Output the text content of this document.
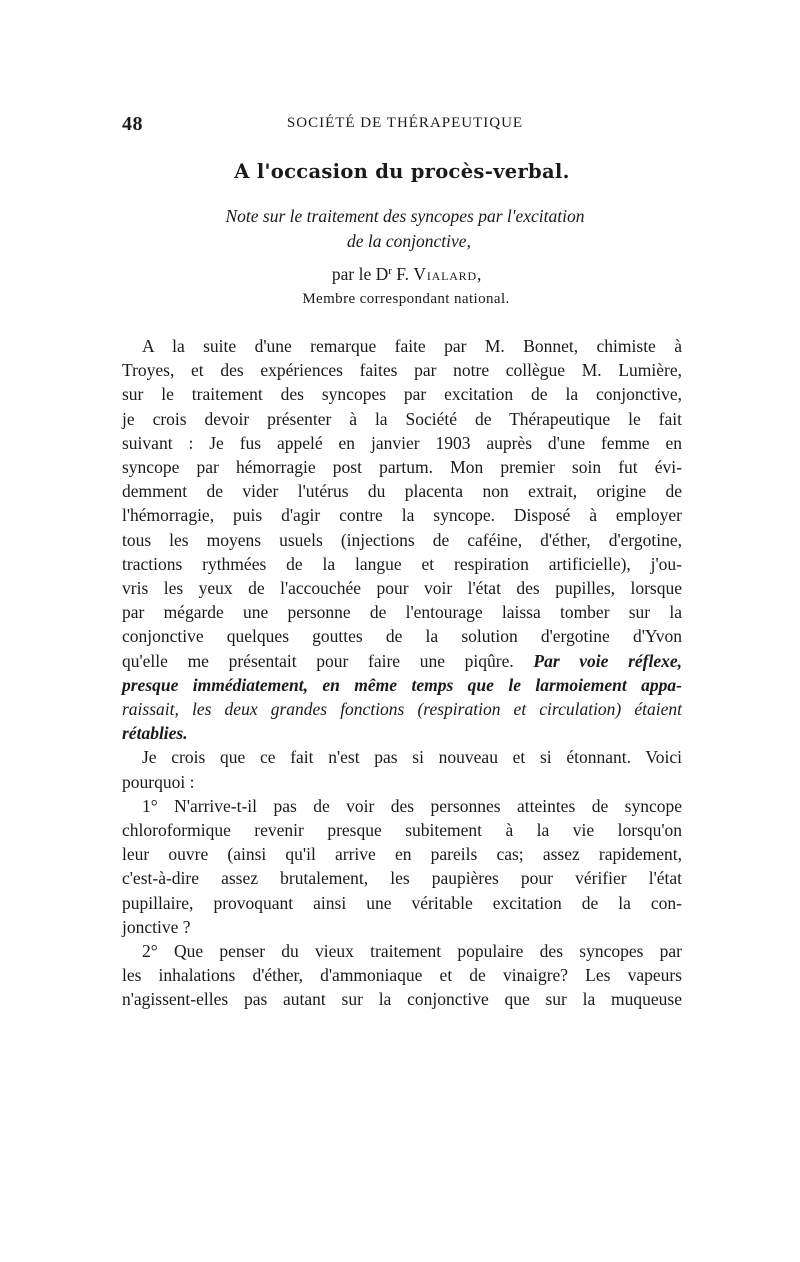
48	SOCIÉTÉ DE THÉRAPEUTIQUE
A l'occasion du procès-verbal.
Note sur le traitement des syncopes par l'excitation
de la conjonctive,
par le $D^r$ F. Vialard,
Membre correspondant national.
A la suite d'une remarque faite par M. Bonnet, chimiste à
Troyes, et des expériences faites par notre collègue M. Lumière,
sur le traitement des syncopes par excitation de la conjonctive,
je crois devoir présenter à la Société de Thérapeutique le fait
suivant : Je fus appelé en janvier 1903 auprès d'une femme en
syncope par hémorragie post partum. Mon premier soin fut évi-
demment de vider l'utérus du placenta non extrait, origine de
l'hémorragie, puis d'agir contre la syncope. Disposé à employer
tous les moyens usuels (injections de caféine, d'éther, d'ergotine,
tractions rythmées de la langue et respiration artificielle), j'ou-
vris les yeux de l'accouchée pour voir l'état des pupilles, lorsque
par mégarde une personne de l'entourage laissa tomber sur la
conjonctive quelques gouttes de la solution d'ergotine d'Yvon
qu'elle me présentait pour faire une piqûre. Par voie réflexe,
presque immédiatement, en même temps que le larmoiement appa-
raissait, les deux grandes fonctions (respiration et circulation) étaient
rétablies.
Je crois que ce fait n'est pas si nouveau et si étonnant. Voici
pourquoi :
1° N'arrive-t-il pas de voir des personnes atteintes de syncope
chloroformique revenir presque subitement à la vie lorsqu'on
leur ouvre (ainsi qu'il arrive en pareils cas; assez rapidement,
c'est-à-dire assez brutalement, les paupières pour vérifier l'état
pupillaire, provoquant ainsi une véritable excitation de la con-
jonctive ?
2° Que penser du vieux traitement populaire des syncopes par
les inhalations d'éther, d'ammoniaque et de vinaigre? Les vapeurs
n'agissent-elles pas autant sur la conjonctive que sur la muqueuse
